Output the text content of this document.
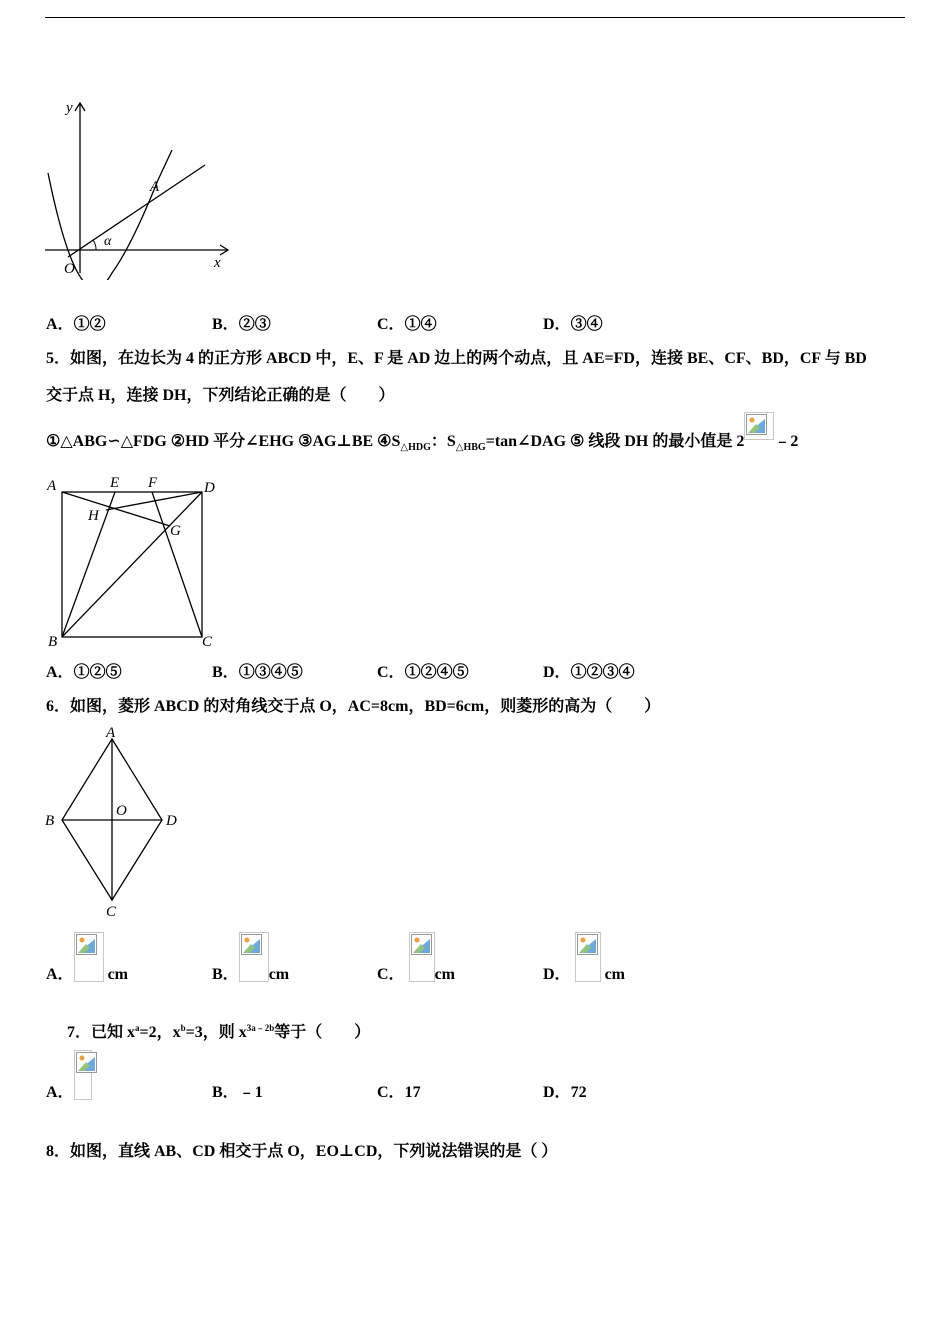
y
x
O
A
α
A．①②	B．②③	C．①④	D．③④
5．如图，在边长为 4 的正方形 ABCD 中，E、F 是 AD 边上的两个动点，且 AE=FD，连接 BE、CF、BD，CF 与 BD
交于点 H，连接 DH，下列结论正确的是（　　）
①△ABG∽△FDG ②HD 平分∠EHG ③AG⊥BE $④S_{\triangle HDG}$：$S_{\triangle HBG}=\tan\angle DAG$ ⑤ 线段 DH 的最小值是 2 ﹣2
A	E F	D
H
G
B	C
A．①②⑤	B．①③④⑤	C．①②④⑤	D．①②③④
6．如图，菱形 ABCD 的对角线交于点 O，AC=8cm，BD=6cm，则菱形的高为（　　）
A
B	D
O
C
A． cm	B． cm	C． cm	D． cm
7．已知 $x^a=2$，$x^b=3$，则 $x^{3a﹣2b}$等于（　　）
A．	B．﹣1	C．17	D．72
8．如图，直线 AB、CD 相交于点 O，EO⊥CD，下列说法错误的是（ ）
